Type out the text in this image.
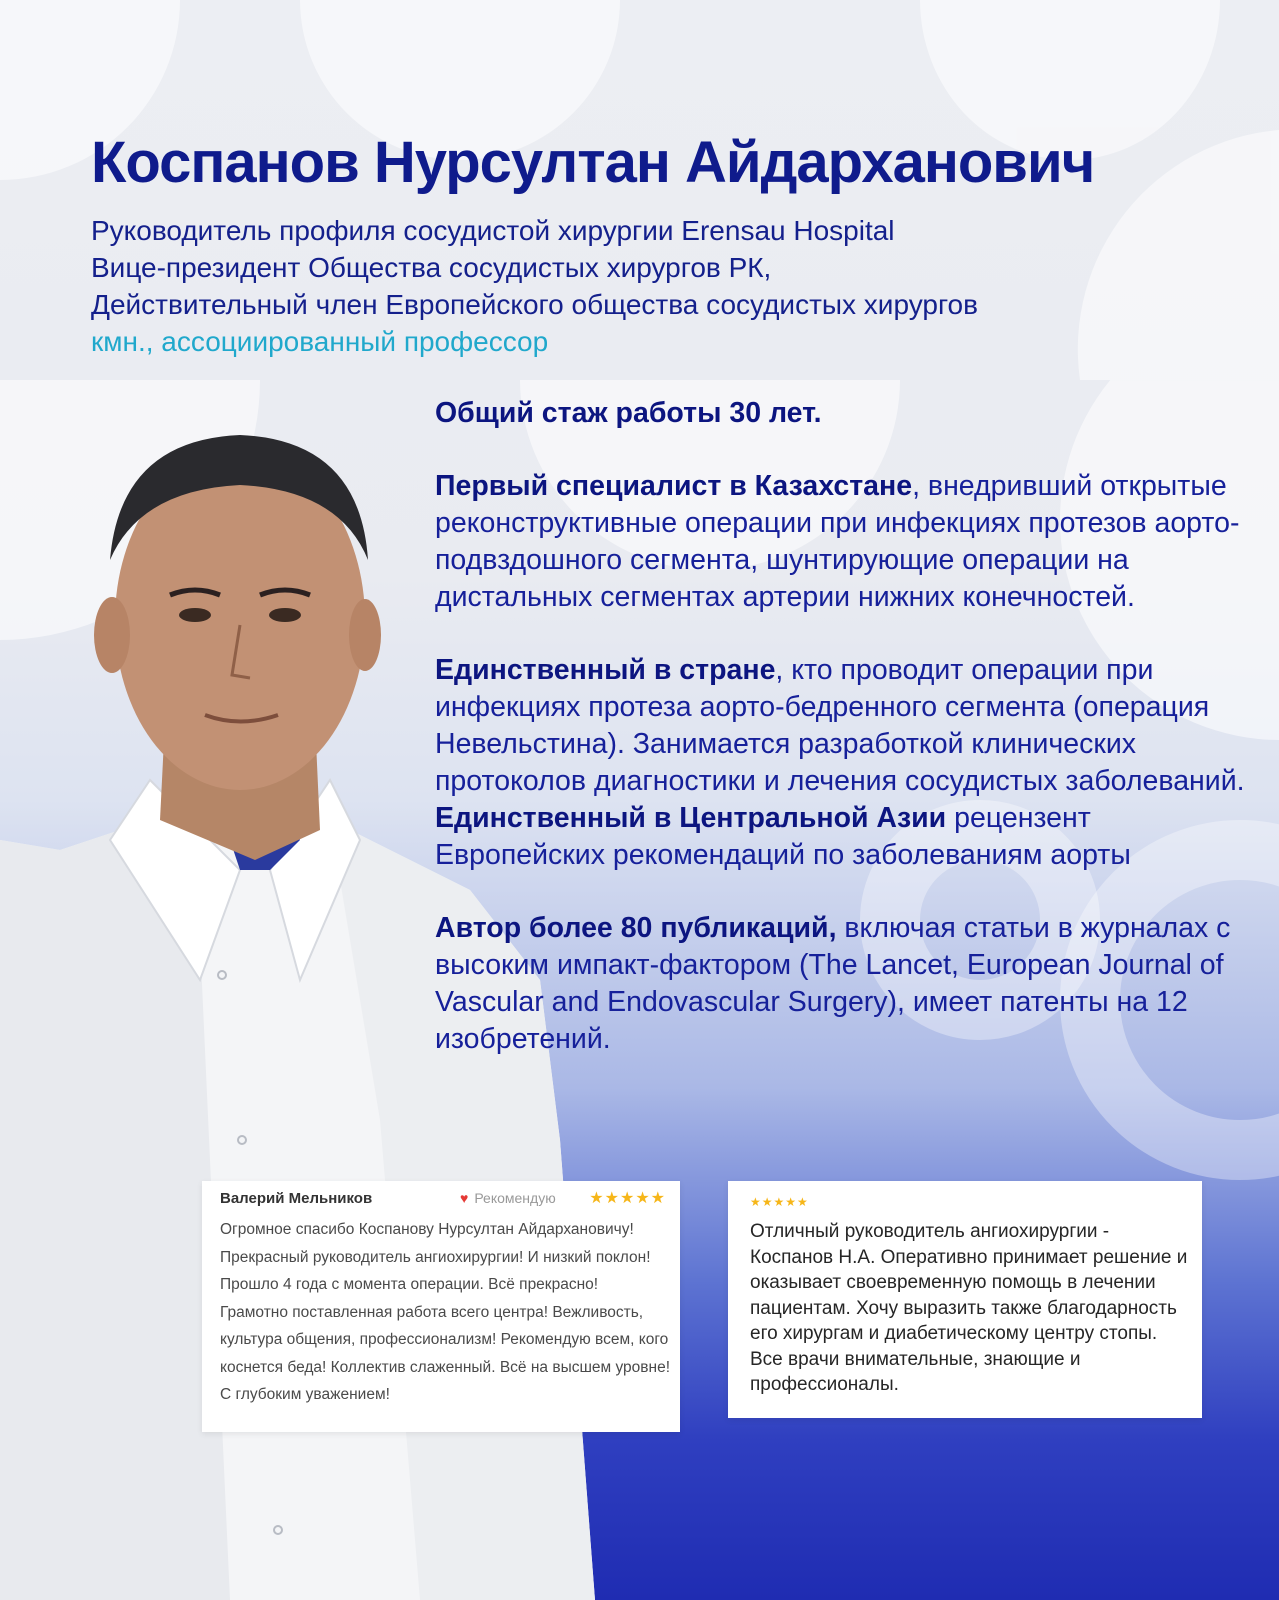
Коспанов Нурсултан Айдарханович
Руководитель профиля сосудистой хирургии Erensau Hospital
Вице-президент Общества сосудистых хирургов РК,
Действительный член Европейского общества сосудистых хирургов
кмн., ассоциированный профессор
Общий стаж работы 30 лет.
Первый специалист в Казахстане, внедривший открытые реконструктивные операции при инфекциях протезов аорто-подвздошного сегмента, шунтирующие операции на дистальных сегментах артерии нижних конечностей.
Единственный в стране, кто проводит операции при инфекциях протеза аорто-бедренного сегмента (операция Невельстина). Занимается разработкой клинических протоколов диагностики и лечения сосудистых заболеваний.
Единственный в Центральной Азии рецензент Европейских рекомендаций по заболеваниям аорты
Автор более 80 публикаций, включая статьи в журналах с высоким импакт-фактором (The Lancet, European Journal of Vascular and Endovascular Surgery), имеет патенты на 12 изобретений.
Валерий Мельников	♥ Рекомендую ★★★★★
Огромное спасибо Коспанову Нурсултан Айдархановичу! Прекрасный руководитель ангиохирургии! И низкий поклон! Прошло 4 года с момента операции. Всё прекрасно! Грамотно поставленная работа всего центра! Вежливость, культура общения, профессионализм! Рекомендую всем, кого коснется беда! Коллектив слаженный. Всё на высшем уровне! С глубоким уважением!
★★★★★
Отличный руководитель ангиохирургии - Коспанов Н.А. Оперативно принимает решение и оказывает своевременную помощь в лечении пациентам. Хочу выразить также благодарность его хирургам и диабетическому центру стопы. Все врачи внимательные, знающие и профессионалы.
